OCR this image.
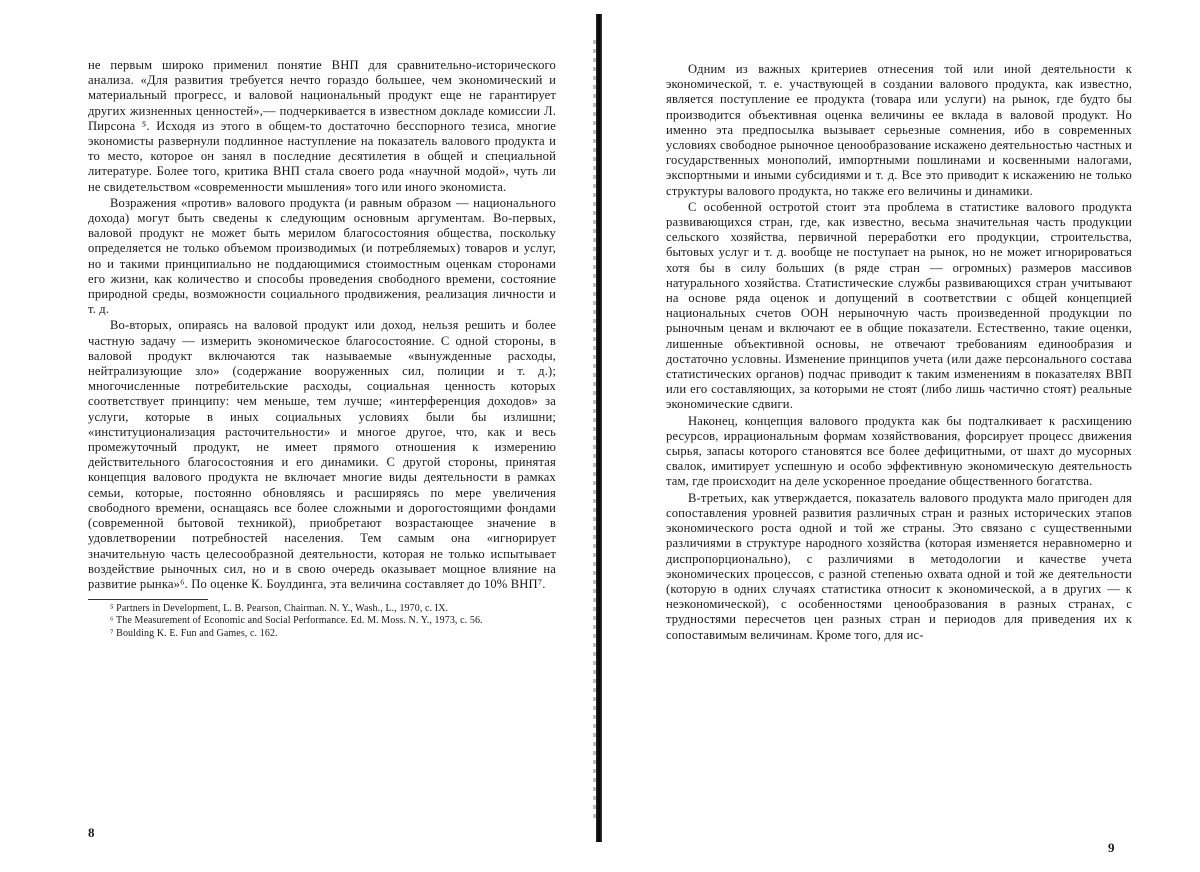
не первым широко применил понятие ВНП для сравнительно-исторического анализа. «Для развития требуется нечто гораздо большее, чем экономический и материальный прогресс, и валовой национальный продукт еще не гарантирует других жизненных ценностей»,— подчеркивается в известном докладе комиссии Л. Пирсона ⁵. Исходя из этого в общем-то достаточно бесспорного тезиса, многие экономисты развернули подлинное наступление на показатель валового продукта и то место, которое он занял в последние десятилетия в общей и специальной литературе. Более того, критика ВНП стала своего рода «научной модой», чуть ли не свидетельством «современности мышления» того или иного экономиста.

Возражения «против» валового продукта (и равным образом — национального дохода) могут быть сведены к следующим основным аргументам. Во-первых, валовой продукт не может быть мерилом благосостояния общества, поскольку определяется не только объемом производимых (и потребляемых) товаров и услуг, но и такими принципиально не поддающимися стоимостным оценкам сторонами его жизни, как количество и способы проведения свободного времени, состояние природной среды, возможности социального продвижения, реализация личности и т. д.

Во-вторых, опираясь на валовой продукт или доход, нельзя решить и более частную задачу — измерить экономическое благосостояние. С одной стороны, в валовой продукт включаются так называемые «вынужденные расходы, нейтрализующие зло» (содержание вооруженных сил, полиции и т. д.); многочисленные потребительские расходы, социальная ценность которых соответствует принципу: чем меньше, тем лучше; «интерференция доходов» за услуги, которые в иных социальных условиях были бы излишни; «институционализация расточительности» и многое другое, что, как и весь промежуточный продукт, не имеет прямого отношения к измерению действительного благосостояния и его динамики. С другой стороны, принятая концепция валового продукта не включает многие виды деятельности в рамках семьи, которые, постоянно обновляясь и расширяясь по мере увеличения свободного времени, оснащаясь все более сложными и дорогостоящими фондами (современной бытовой техникой), приобретают возрастающее значение в удовлетворении потребностей населения. Тем самым она «игнорирует значительную часть целесообразной деятельности, которая не только испытывает воздействие рыночных сил, но и в свою очередь оказывает мощное влияние на развитие рынка»⁶. По оценке К. Боулдинга, эта величина составляет до 10% ВНП⁷.

⁵ Partners in Development, L. B. Pearson, Chairman. N. Y., Wash., L., 1970, c. IX.

⁶ The Measurement of Economic and Social Performance. Ed. M. Moss. N. Y., 1973, c. 56.

⁷ Boulding K. E. Fun and Games, c. 162.

8

Одним из важных критериев отнесения той или иной деятельности к экономической, т. е. участвующей в создании валового продукта, как известно, является поступление ее продукта (товара или услуги) на рынок, где будто бы производится объективная оценка величины ее вклада в валовой продукт. Но именно эта предпосылка вызывает серьезные сомнения, ибо в современных условиях свободное рыночное ценообразование искажено деятельностью частных и государственных монополий, импортными пошлинами и косвенными налогами, экспортными и иными субсидиями и т. д. Все это приводит к искажению не только структуры валового продукта, но также его величины и динамики.

С особенной остротой стоит эта проблема в статистике валового продукта развивающихся стран, где, как известно, весьма значительная часть продукции сельского хозяйства, первичной переработки его продукции, строительства, бытовых услуг и т. д. вообще не поступает на рынок, но не может игнорироваться хотя бы в силу больших (в ряде стран — огромных) размеров массивов натурального хозяйства. Статистические службы развивающихся стран учитывают на основе ряда оценок и допущений в соответствии с общей концепцией национальных счетов ООН нерыночную часть произведенной продукции по рыночным ценам и включают ее в общие показатели. Естественно, такие оценки, лишенные объективной основы, не отвечают требованиям единообразия и достаточно условны. Изменение принципов учета (или даже персонального состава статистических органов) подчас приводит к таким изменениям в показателях ВВП или его составляющих, за которыми не стоят (либо лишь частично стоят) реальные экономические сдвиги.

Наконец, концепция валового продукта как бы подталкивает к расхищению ресурсов, иррациональным формам хозяйствования, форсирует процесс движения сырья, запасы которого становятся все более дефицитными, от шахт до мусорных свалок, имитирует успешную и особо эффективную экономическую деятельность там, где происходит на деле ускоренное проедание общественного богатства.

В-третьих, как утверждается, показатель валового продукта мало пригоден для сопоставления уровней развития различных стран и разных исторических этапов экономического роста одной и той же страны. Это связано с существенными различиями в структуре народного хозяйства (которая изменяется неравномерно и диспропорционально), с различиями в методологии и качестве учета экономических процессов, с разной степенью охвата одной и той же деятельности (которую в одних случаях статистика относит к экономической, а в других — к неэкономической), с особенностями ценообразования в разных странах, с трудностями пересчетов цен разных стран и периодов для приведения их к сопоставимым величинам. Кроме того, для ис-

9
